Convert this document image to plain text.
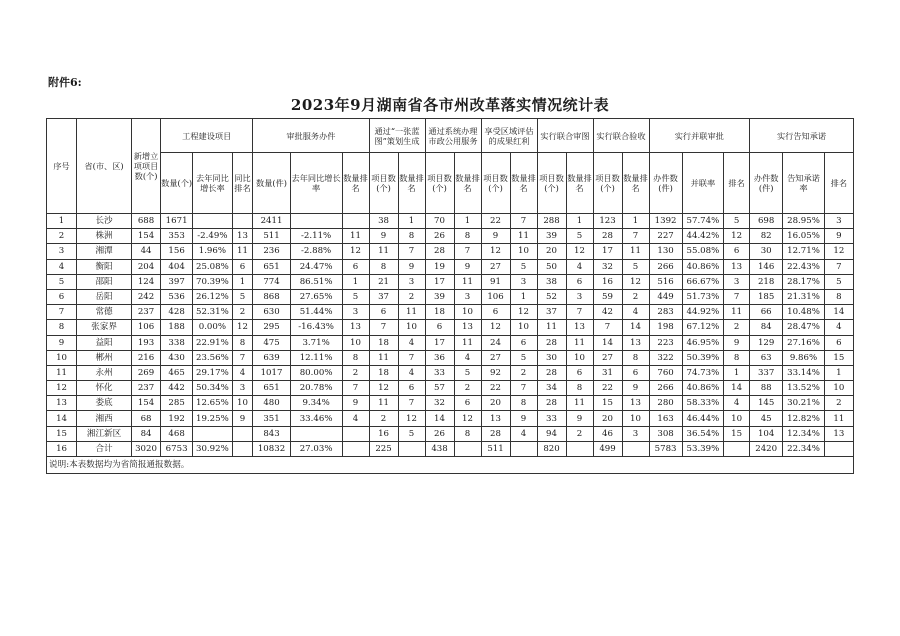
附件6:
2023年9月湖南省各市州改革落实情况统计表
序号	省(市、区)	新增立项项目数(个)	工程建设项目			审批服务办件			通过“一张蓝图”策划生成		通过系统办理市政公用服务		享受区域评估的成果红利		实行联合审图		实行联合验收		实行并联审批			实行告知承诺		
			数量(个)	去年同比增长率	同比排名	数量(件)	去年同比增长率	数量排名	项目数(个)	数量排名	项目数(个)	数量排名	项目数(个)	数量排名	项目数(个)	数量排名	项目数(个)	数量排名	办件数(件)	并联率	排名	办件数(件)	告知承诺率	排名
1	长沙	688	1671			2411			38	1	70	1	22	7	288	1	123	1	1392	57.74%	5	698	28.95%	3
2	株洲	154	353	-2.49%	13	511	-2.11%	11	9	8	26	8	9	11	39	5	28	7	227	44.42%	12	82	16.05%	9
3	湘潭	44	156	1.96%	11	236	-2.88%	12	11	7	28	7	12	10	20	12	17	11	130	55.08%	6	30	12.71%	12
4	衡阳	204	404	25.08%	6	651	24.47%	6	8	9	19	9	27	5	50	4	32	5	266	40.86%	13	146	22.43%	7
5	邵阳	124	397	70.39%	1	774	86.51%	1	21	3	17	11	91	3	38	6	16	12	516	66.67%	3	218	28.17%	5
6	岳阳	242	536	26.12%	5	868	27.65%	5	37	2	39	3	106	1	52	3	59	2	449	51.73%	7	185	21.31%	8
7	常德	237	428	52.31%	2	630	51.44%	3	6	11	18	10	6	12	37	7	42	4	283	44.92%	11	66	10.48%	14
8	张家界	106	188	0.00%	12	295	-16.43%	13	7	10	6	13	12	10	11	13	7	14	198	67.12%	2	84	28.47%	4
9	益阳	193	338	22.91%	8	475	3.71%	10	18	4	17	11	24	6	28	11	14	13	223	46.95%	9	129	27.16%	6
10	郴州	216	430	23.56%	7	639	12.11%	8	11	7	36	4	27	5	30	10	27	8	322	50.39%	8	63	9.86%	15
11	永州	269	465	29.17%	4	1017	80.00%	2	18	4	33	5	92	2	28	6	31	6	760	74.73%	1	337	33.14%	1
12	怀化	237	442	50.34%	3	651	20.78%	7	12	6	57	2	22	7	34	8	22	9	266	40.86%	14	88	13.52%	10
13	娄底	154	285	12.65%	10	480	9.34%	9	11	7	32	6	20	8	28	11	15	13	280	58.33%	4	145	30.21%	2
14	湘西	68	192	19.25%	9	351	33.46%	4	2	12	14	12	13	9	33	9	20	10	163	46.44%	10	45	12.82%	11
15	湘江新区	84	468			843			16	5	26	8	28	4	94	2	46	3	308	36.54%	15	104	12.34%	13
16	合计	3020	6753	30.92%		10832	27.03%		225		438		511		820		499		5783	53.39%		2420	22.34%	
说明:本表数据均为省简报通报数据。																								
